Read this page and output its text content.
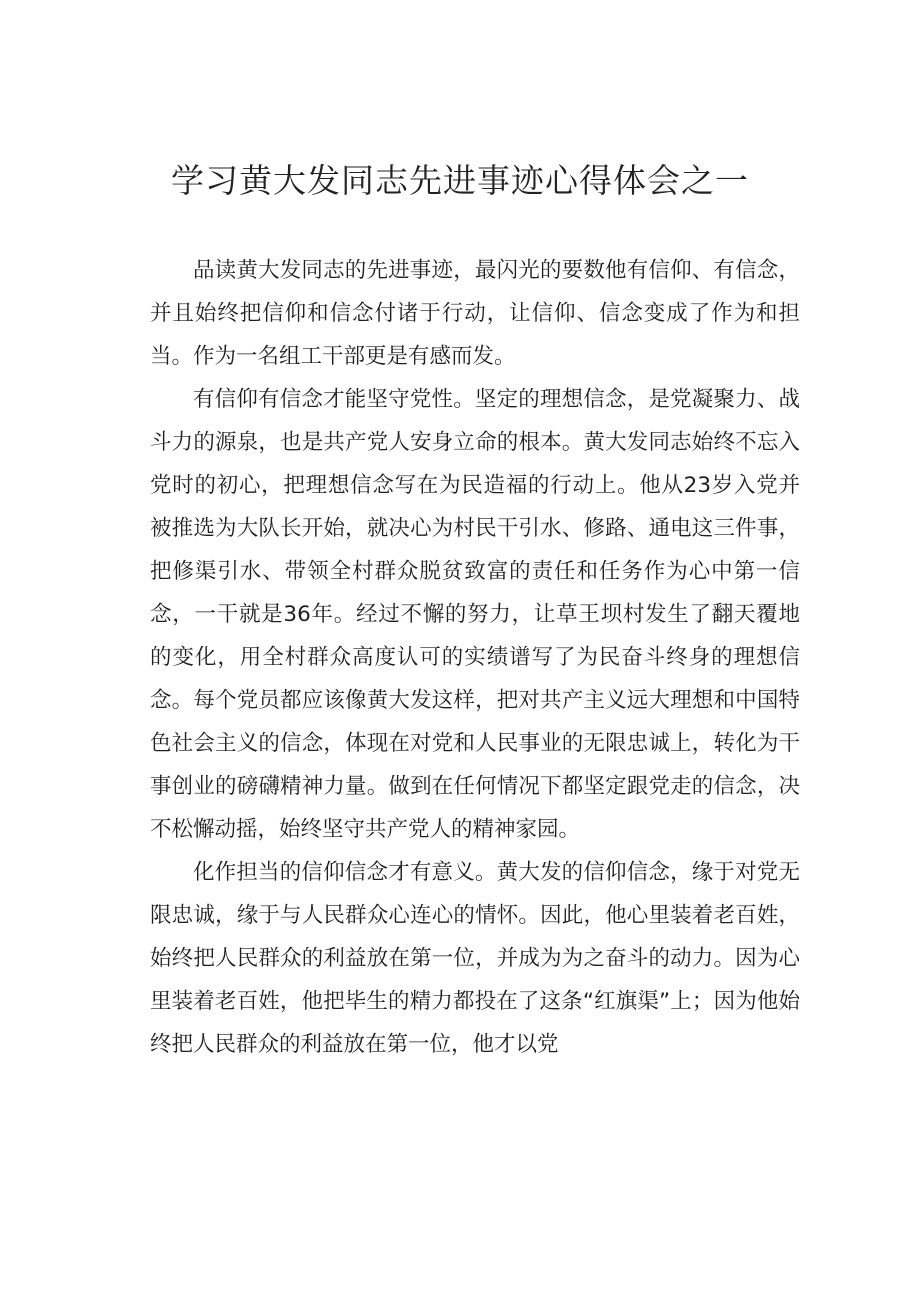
学习黄大发同志先进事迹心得体会之一

品读黄大发同志的先进事迹，最闪光的要数他有信仰、有信念，并且始终把信仰和信念付诸于行动，让信仰、信念变成了作为和担当。作为一名组工干部更是有感而发。

有信仰有信念才能坚守党性。坚定的理想信念，是党凝聚力、战斗力的源泉，也是共产党人安身立命的根本。黄大发同志始终不忘入党时的初心，把理想信念写在为民造福的行动上。他从23岁入党并被推选为大队长开始，就决心为村民干引水、修路、通电这三件事，把修渠引水、带领全村群众脱贫致富的责任和任务作为心中第一信念，一干就是36年。经过不懈的努力，让草王坝村发生了翻天覆地的变化，用全村群众高度认可的实绩谱写了为民奋斗终身的理想信念。每个党员都应该像黄大发这样，把对共产主义远大理想和中国特色社会主义的信念，体现在对党和人民事业的无限忠诚上，转化为干事创业的磅礴精神力量。做到在任何情况下都坚定跟党走的信念，决不松懈动摇，始终坚守共产党人的精神家园。

化作担当的信仰信念才有意义。黄大发的信仰信念，缘于对党无限忠诚，缘于与人民群众心连心的情怀。因此，他心里装着老百姓，始终把人民群众的利益放在第一位，并成为为之奋斗的动力。因为心里装着老百姓，他把毕生的精力都投在了这条“红旗渠”上；因为他始终把人民群众的利益放在第一位，他才以党
